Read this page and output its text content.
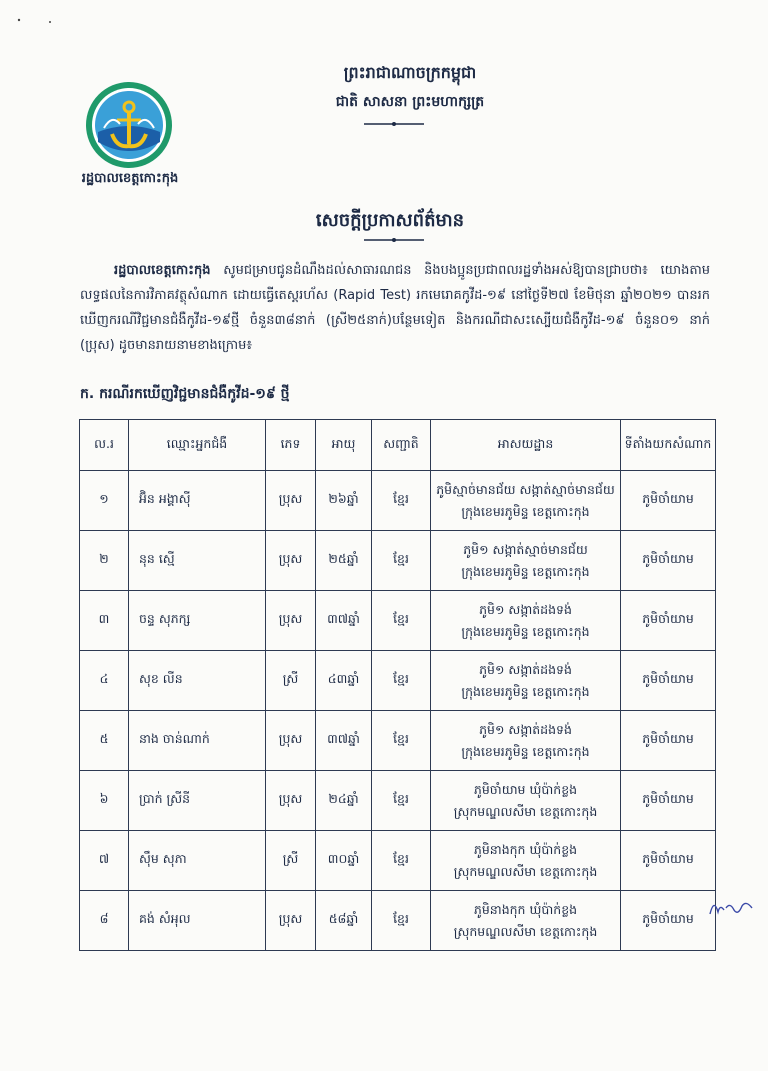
រដ្ឋបាលខេត្តកោះកុង
ព្រះរាជាណាចក្រកម្ពុជា
ជាតិ សាសនា ព្រះមហាក្សត្រ
សេចក្តីប្រកាសព័ត៌មាន
រដ្ឋបាលខេត្តកោះកុង សូមជម្រាបជូនដំណឹងដល់សាធារណជន និងបងប្អូនប្រជាពលរដ្ឋទាំងអស់ឱ្យបានជ្រាបថា៖ យោងតាមលទ្ធផលនៃការវិភាគវត្ថុសំណាក ដោយធ្វើតេស្តរហ័ស (Rapid Test) រកមេរោគកូវីដ-១៩ នៅថ្ងៃទី២៧ ខែមិថុនា ឆ្នាំ២០២១ បានរកឃើញករណីវិជ្ជមានជំងឺកូវីដ-១៩ថ្មី ចំនួន៣៨នាក់ (ស្រី២៥នាក់)បន្ថែមទៀត និងករណីជាសះស្បើយជំងឺកូវីដ-១៩ ចំនួន០១ នាក់ (ប្រុស) ដូចមានរាយនាមខាងក្រោម៖
ក. ករណីរកឃើញវិជ្ជមានជំងឺកូវីដ-១៩ ថ្មី
ល.រ	ឈ្មោះអ្នកជំងឺ	ភេទ	អាយុ	សញ្ជាតិ	អាសយដ្ឋាន	ទីតាំងយកសំណាក
១	អ៊ិន អង្គាស៊ី	ប្រុស	២៦ឆ្នាំ	ខ្មែរ	ភូមិស្មាច់មានជ័យ សង្កាត់ស្មាច់មានជ័យ
ក្រុងខេមរភូមិន្ទ ខេត្តកោះកុង	ភូមិចាំយាម
២	នុន ស្មើ	ប្រុស	២៥ឆ្នាំ	ខ្មែរ	ភូមិ១ សង្កាត់ស្មាច់មានជ័យ
ក្រុងខេមរភូមិន្ទ ខេត្តកោះកុង	ភូមិចាំយាម
៣	ចន្ទ សុភក្ស	ប្រុស	៣៧ឆ្នាំ	ខ្មែរ	ភូមិ១ សង្កាត់ដងទង់
ក្រុងខេមរភូមិន្ទ ខេត្តកោះកុង	ភូមិចាំយាម
៤	សុខ លីន	ស្រី	៤៣ឆ្នាំ	ខ្មែរ	ភូមិ១ សង្កាត់ដងទង់
ក្រុងខេមរភូមិន្ទ ខេត្តកោះកុង	ភូមិចាំយាម
៥	នាង ចាន់ណាក់	ប្រុស	៣៧ឆ្នាំ	ខ្មែរ	ភូមិ១ សង្កាត់ដងទង់
ក្រុងខេមរភូមិន្ទ ខេត្តកោះកុង	ភូមិចាំយាម
៦	ប្រាក់ ស្រីនី	ប្រុស	២៤ឆ្នាំ	ខ្មែរ	ភូមិចាំយាម ឃុំប៉ាក់ខ្លង
ស្រុកមណ្ឌលសីមា ខេត្តកោះកុង	ភូមិចាំយាម
៧	ស៊ឹម សុភា	ស្រី	៣០ឆ្នាំ	ខ្មែរ	ភូមិនាងកុក ឃុំប៉ាក់ខ្លង
ស្រុកមណ្ឌលសីមា ខេត្តកោះកុង	ភូមិចាំយាម
៨	គង់ សំអុល	ប្រុស	៥៨ឆ្នាំ	ខ្មែរ	ភូមិនាងកុក ឃុំប៉ាក់ខ្លង
ស្រុកមណ្ឌលសីមា ខេត្តកោះកុង	ភូមិចាំយាម
